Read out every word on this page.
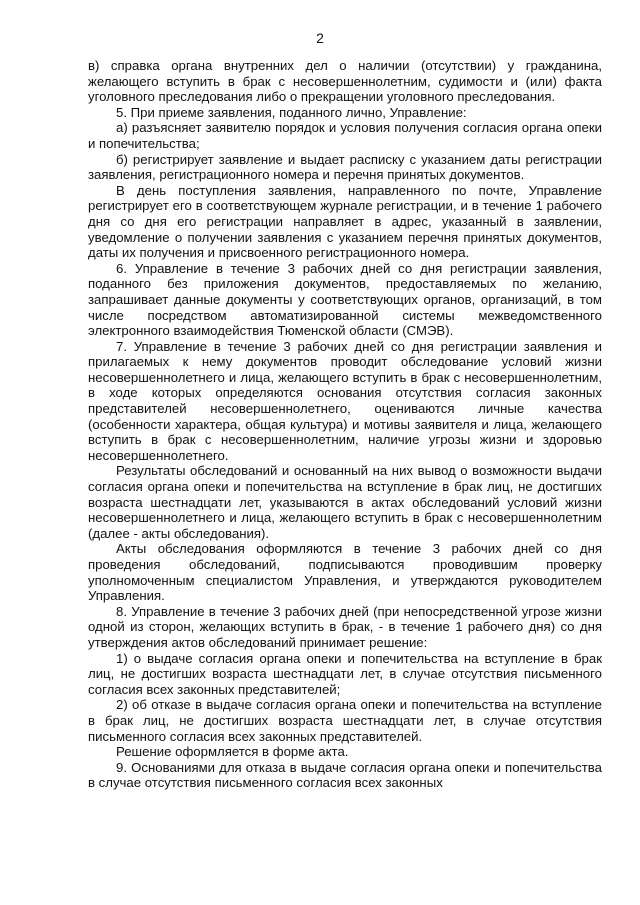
2

в) справка органа внутренних дел о наличии (отсутствии) у гражданина, желающего вступить в брак с несовершеннолетним, судимости и (или) факта уголовного преследования либо о прекращении уголовного преследования.

5. При приеме заявления, поданного лично, Управление:

а) разъясняет заявителю порядок и условия получения согласия органа опеки и попечительства;

б) регистрирует заявление и выдает расписку с указанием даты регистрации заявления, регистрационного номера и перечня принятых документов.

В день поступления заявления, направленного по почте, Управление регистрирует его в соответствующем журнале регистрации, и в течение 1 рабочего дня со дня его регистрации направляет в адрес, указанный в заявлении, уведомление о получении заявления с указанием перечня принятых документов, даты их получения и присвоенного регистрационного номера.

6. Управление в течение 3 рабочих дней со дня регистрации заявления, поданного без приложения документов, предоставляемых по желанию, запрашивает данные документы у соответствующих органов, организаций, в том числе посредством автоматизированной системы межведомственного электронного взаимодействия Тюменской области (СМЭВ).

7. Управление в течение 3 рабочих дней со дня регистрации заявления и прилагаемых к нему документов проводит обследование условий жизни несовершеннолетнего и лица, желающего вступить в брак с несовершеннолетним, в ходе которых определяются основания отсутствия согласия законных представителей несовершеннолетнего, оцениваются личные качества (особенности характера, общая культура) и мотивы заявителя и лица, желающего вступить в брак с несовершеннолетним, наличие угрозы жизни и здоровью несовершеннолетнего.

Результаты обследований и основанный на них вывод о возможности выдачи согласия органа опеки и попечительства на вступление в брак лиц, не достигших возраста шестнадцати лет, указываются в актах обследований условий жизни несовершеннолетнего и лица, желающего вступить в брак с несовершеннолетним (далее - акты обследования).

Акты обследования оформляются в течение 3 рабочих дней со дня проведения обследований, подписываются проводившим проверку уполномоченным специалистом Управления, и утверждаются руководителем Управления.

8. Управление в течение 3 рабочих дней (при непосредственной угрозе жизни одной из сторон, желающих вступить в брак, - в течение 1 рабочего дня) со дня утверждения актов обследований принимает решение:

1) о выдаче согласия органа опеки и попечительства на вступление в брак лиц, не достигших возраста шестнадцати лет, в случае отсутствия письменного согласия всех законных представителей;

2) об отказе в выдаче согласия органа опеки и попечительства на вступление в брак лиц, не достигших возраста шестнадцати лет, в случае отсутствия письменного согласия всех законных представителей.

Решение оформляется в форме акта.

9. Основаниями для отказа в выдаче согласия органа опеки и попечительства в случае отсутствия письменного согласия всех законных
